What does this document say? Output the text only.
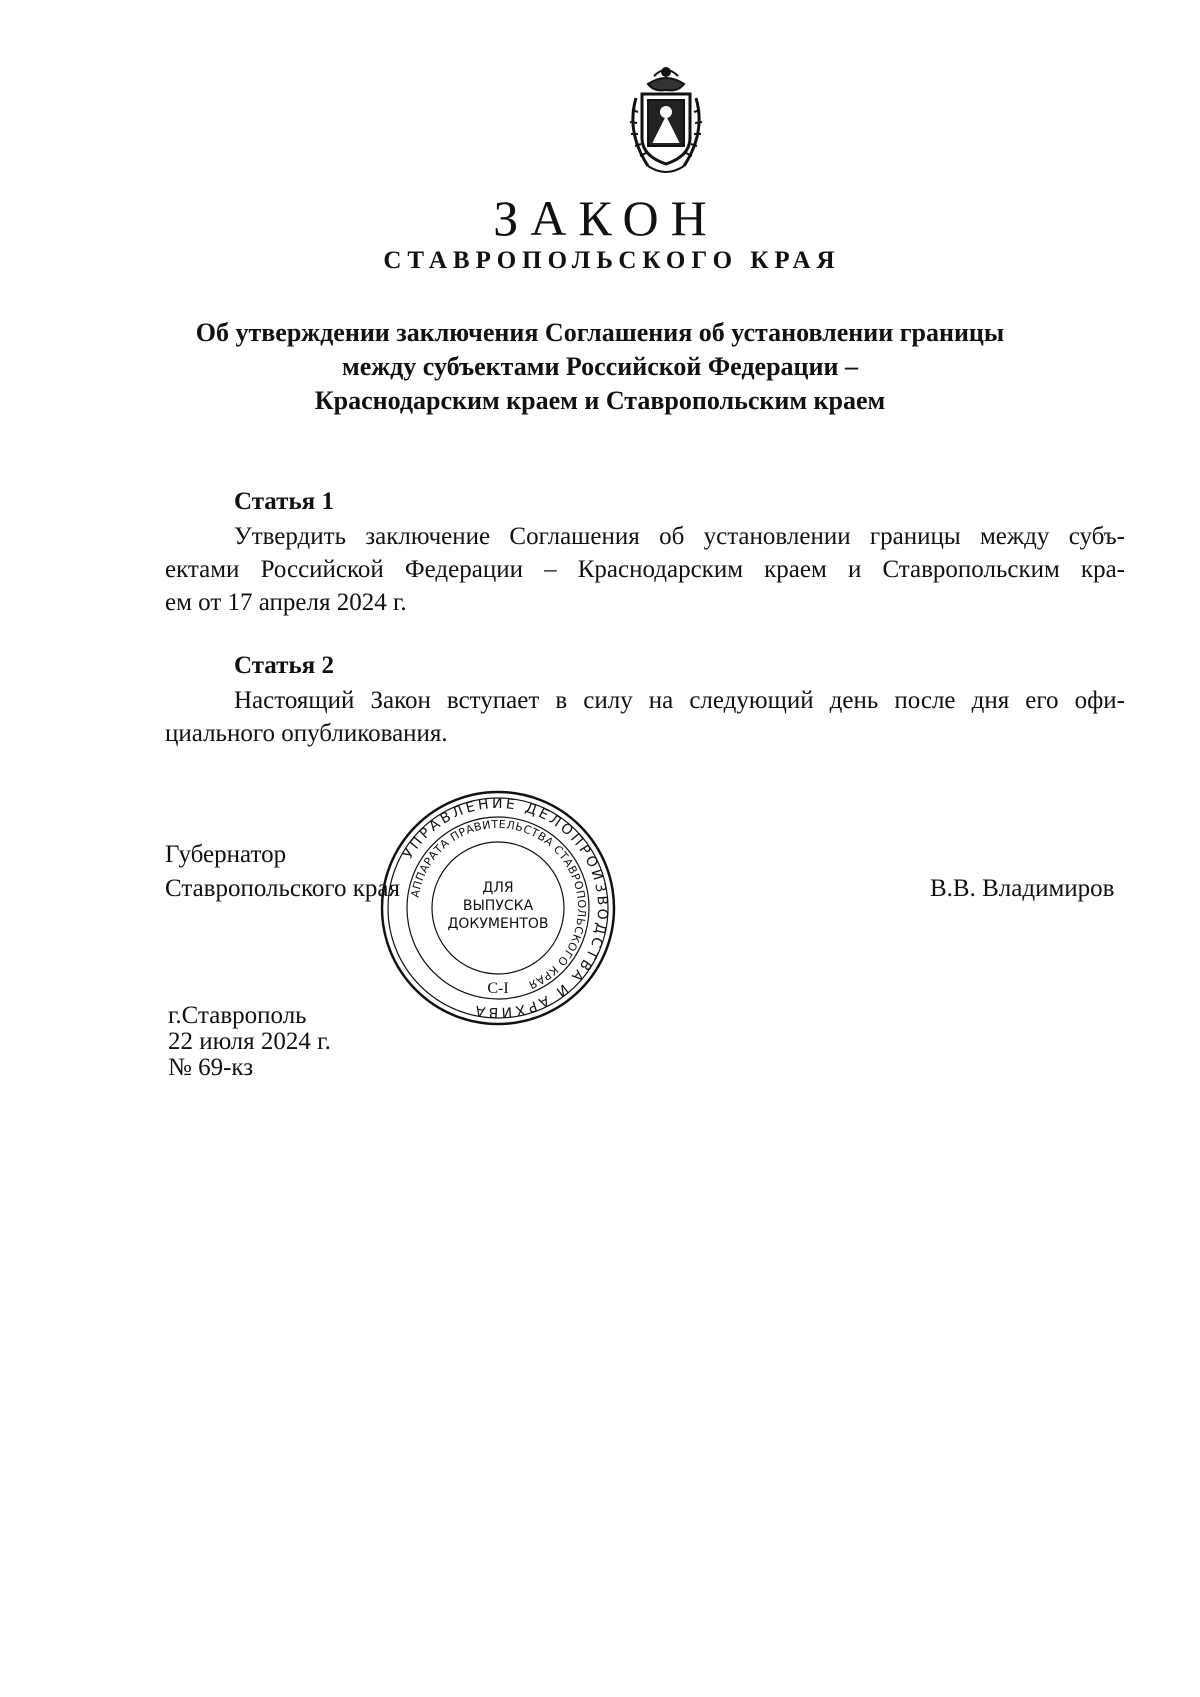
ЗАКОН
СТАВРОПОЛЬСКОГО КРАЯ
Об утверждении заключения Соглашения об установлении границы
между субъектами Российской Федерации –
Краснодарским краем и Ставропольским краем
Статья 1
Утвердить заключение Соглашения об установлении границы между субъ-
ектами Российской Федерации – Краснодарским краем и Ставропольским кра-
ем от 17 апреля 2024 г.
Статья 2
Настоящий Закон вступает в силу на следующий день после дня его офи-
циального опубликования.
Губернатор
Ставропольского края	В.В. Владимиров
УПРАВЛЕНИЕ ДЕЛОПРОИЗВОДСТВА И АРХИВА
АППАРАТА ПРАВИТЕЛЬСТВА СТАВРОПОЛЬСКОГО КРАЯ
ДЛЯ
ВЫПУСКА
ДОКУМЕНТОВ
С-I
г.Ставрополь
22 июля 2024 г.
№ 69-кз
